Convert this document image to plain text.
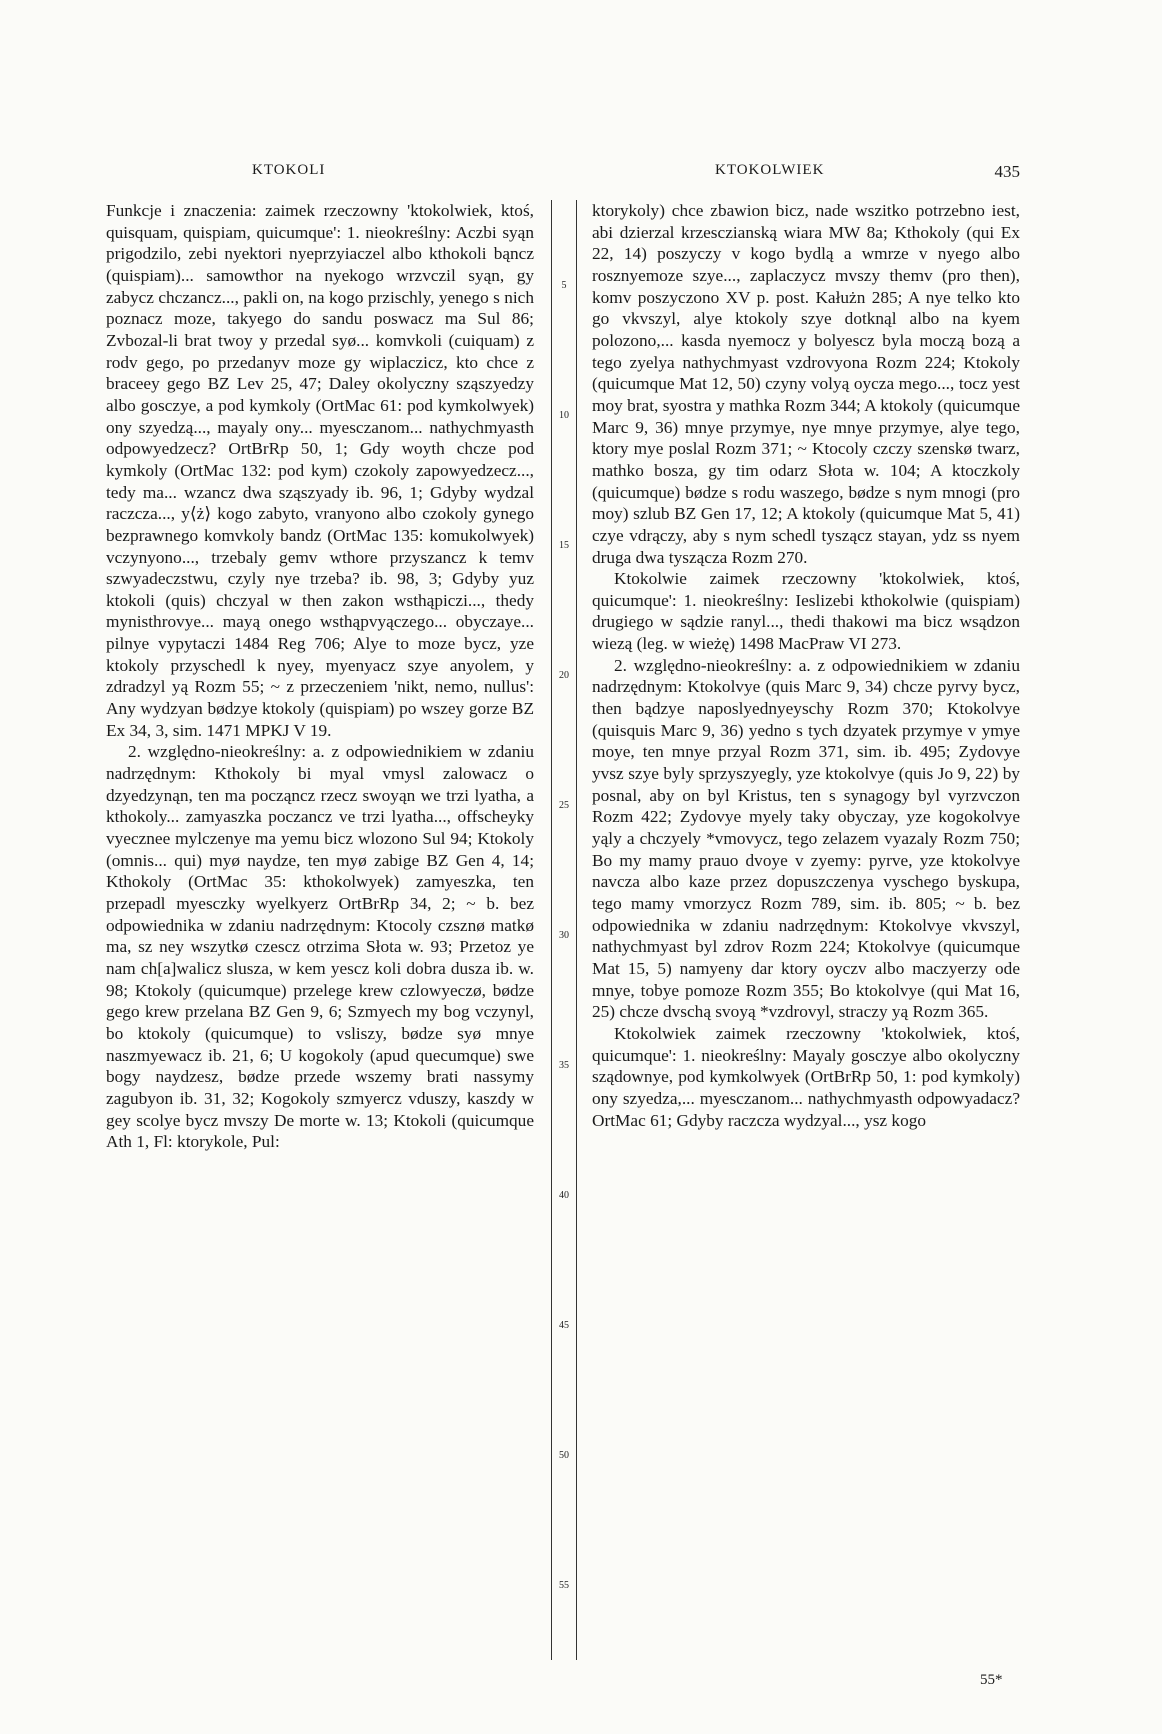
KTOKOLI	KTOKOLWIEK	435

Funkcje i znaczenia: zaimek rzeczowny 'ktokolwiek, ktoś, quisquam, quispiam, quicumque': 1. nieokreślny: Aczbi syąn prigodzilo, zebi nyektori nyeprzyiaczel albo kthokoli bąncz (quispiam)... samowthor na nyekogo wrzvczil syąn, gy zabycz chczancz..., pakli on, na kogo przischly, yenego s nich poznacz moze, takyego do sandu poswacz ma Sul 86; Zvbozal-li brat twoy y przedal syø... komvkoli (cuiquam) z rodv gego, po przedanyv moze gy wiplaczicz, kto chce z braceey gego BZ Lev 25, 47; Daley okolyczny sząszyedzy albo gosczye, a pod kymkoly (OrtMac 61: pod kymkolwyek) ony szyedzą..., mayaly ony... myesczanom... nathychmyasth odpowyedzecz? OrtBrRp 50, 1; Gdy woyth chcze pod kymkoly (OrtMac 132: pod kym) czokoly zapowyedzecz..., tedy ma... wzancz dwa sząszyady ib. 96, 1; Gdyby wydzal raczcza..., y⟨ż⟩ kogo zabyto, vranyono albo czokoly gynego bezprawnego komvkoly bandz (OrtMac 135: komukolwyek) vczynyono..., trzebaly gemv wthore przyszancz k temv szwyadeczstwu, czyly nye trzeba? ib. 98, 3; Gdyby yuz ktokoli (quis) chczyal w then zakon wsthąpiczi..., thedy mynisthrovye... mayą onego wsthąpvyączego... obyczaye... pilnye vypytaczi 1484 Reg 706; Alye to moze bycz, yze ktokoly przyschedl k nyey, myenyacz szye anyolem, y zdradzyl yą Rozm 55; ~ z przeczeniem 'nikt, nemo, nullus': Any wydzyan bødzye ktokoly (quispiam) po wszey gorze BZ Ex 34, 3, sim. 1471 MPKJ V 19.

2. względno-nieokreślny: a. z odpowiednikiem w zdaniu nadrzędnym: Kthokoly bi myal vmysl zalowacz o dzyedzynąn, ten ma począncz rzecz swoyąn we trzi lyatha, a kthokoly... zamyaszka poczancz ve trzi lyatha..., offscheyky vyecznee mylczenye ma yemu bicz wlozono Sul 94; Ktokoly (omnis... qui) myø naydze, ten myø zabige BZ Gen 4, 14; Kthokoly (OrtMac 35: kthokolwyek) zamyeszka, ten przepadl myesczky wyelkyerz OrtBrRp 34, 2; ~ b. bez odpowiednika w zdaniu nadrzędnym: Ktocoly czsznø matkø ma, sz ney wszytkø czescz otrzima Słota w. 93; Przetoz ye nam ch[a]walicz slusza, w kem yescz koli dobra dusza ib. w. 98; Ktokoly (quicumque) przelege krew czlowyeczø, bødze gego krew przelana BZ Gen 9, 6; Szmyech my bog vczynyl, bo ktokoly (quicumque) to vsliszy, bødze syø mnye naszmyewacz ib. 21, 6; U kogokoly (apud quecumque) swe bogy naydzesz, bødze przede wszemy brati nassymy zagubyon ib. 31, 32; Kogokoly szmyercz vduszy, kaszdy w gey scolye bycz mvszy De morte w. 13; Ktokoli (quicumque Ath 1, Fl: ktorykole, Pul:

5
10
15
20
25
30
35
40
45
50
55

ktorykoly) chce zbawion bicz, nade wszitko potrzebno iest, abi dzierzal krzesczianską wiara MW 8a; Kthokoly (qui Ex 22, 14) poszyczy v kogo bydlą a wmrze v nyego albo rosznyemoze szye..., zaplaczycz mvszy themv (pro then), komv poszyczono XV p. post. Kałużn 285; A nye telko kto go vkvszyl, alye ktokoly szye dotknąl albo na kyem polozono,... kasda nyemocz y bolyescz byla moczą bozą a tego zyelya nathychmyast vzdrovyona Rozm 224; Ktokoly (quicumque Mat 12, 50) czyny volyą oycza mego..., tocz yest moy brat, syostra y mathka Rozm 344; A ktokoly (quicumque Marc 9, 36) mnye przymye, nye mnye przymye, alye tego, ktory mye poslal Rozm 371; ~ Ktocoly czczy szenskø twarz, mathko bosza, gy tim odarz Słota w. 104; A ktoczkoly (quicumque) bødze s rodu waszego, bødze s nym mnogi (pro moy) szlub BZ Gen 17, 12; A ktokoly (quicumque Mat 5, 41) czye vdrączy, aby s nym schedl tyszącz stayan, ydz ss nyem druga dwa tyszącza Rozm 270.

Ktokolwie zaimek rzeczowny 'ktokolwiek, ktoś, quicumque': 1. nieokreślny: Ieslizebi kthokolwie (quispiam) drugiego w sądzie ranyl..., thedi thakowi ma bicz wsądzon wiezą (leg. w wieżę) 1498 MacPraw VI 273.

2. względno-nieokreślny: a. z odpowiednikiem w zdaniu nadrzędnym: Ktokolvye (quis Marc 9, 34) chcze pyrvy bycz, then bądzye naposlyednyeyschy Rozm 370; Ktokolvye (quisquis Marc 9, 36) yedno s tych dzyatek przymye v ymye moye, ten mnye przyal Rozm 371, sim. ib. 495; Zydovye yvsz szye byly sprzyszyegly, yze ktokolvye (quis Jo 9, 22) by posnal, aby on byl Kristus, ten s synagogy byl vyrzvczon Rozm 422; Zydovye myely taky obyczay, yze kogokolvye yąly a chczyely *vmovycz, tego zelazem vyazaly Rozm 750; Bo my mamy prauo dvoye v zyemy: pyrve, yze ktokolvye navcza albo kaze przez dopuszczenya vyschego byskupa, tego mamy vmorzycz Rozm 789, sim. ib. 805; ~ b. bez odpowiednika w zdaniu nadrzędnym: Ktokolvye vkvszyl, nathychmyast byl zdrov Rozm 224; Ktokolvye (quicumque Mat 15, 5) namyeny dar ktory oyczv albo maczyerzy ode mnye, tobye pomoze Rozm 355; Bo ktokolvye (qui Mat 16, 25) chcze dvschą svoyą *vzdrovyl, straczy yą Rozm 365.

Ktokolwiek zaimek rzeczowny 'ktokolwiek, ktoś, quicumque': 1. nieokreślny: Mayaly gosczye albo okolyczny sządownye, pod kymkolwyek (OrtBrRp 50, 1: pod kymkoly) ony szyedza,... myesczanom... nathychmyasth odpowyadacz? OrtMac 61; Gdyby raczcza wydzyal..., ysz kogo

55*
